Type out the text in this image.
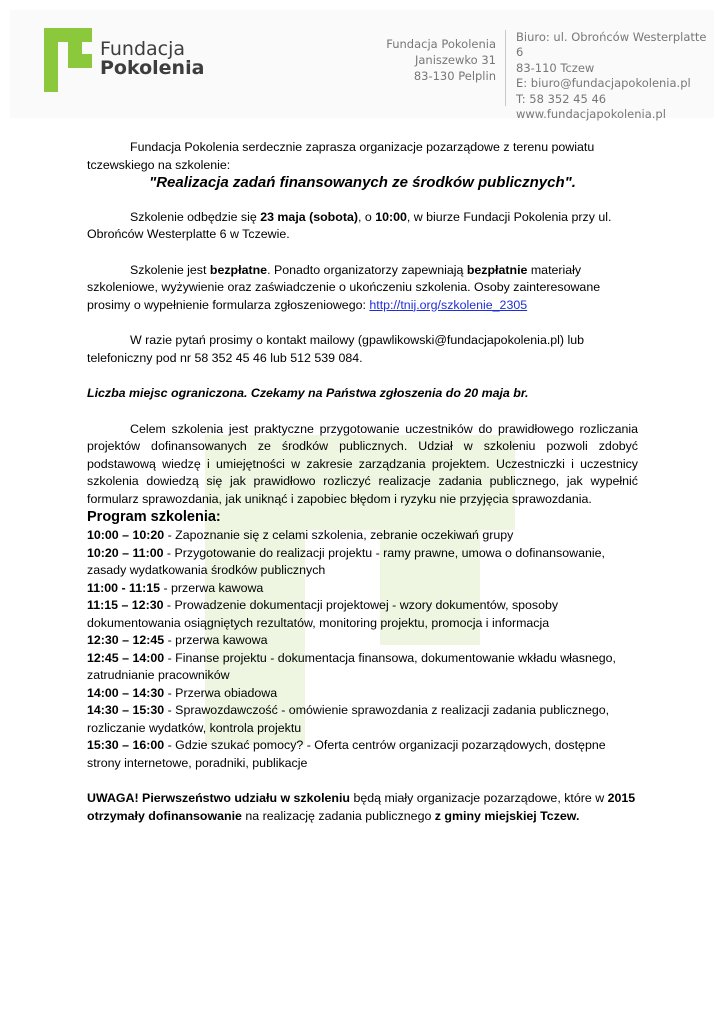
Fundacja
Pokolenia
Fundacja Pokolenia
Janiszewko 31
83-130 Pelplin
Biuro: ul. Obrońców Westerplatte 6
83-110 Tczew
E: biuro@fundacjapokolenia.pl
T: 58 352 45 46
www.fundacjapokolenia.pl

Fundacja Pokolenia serdecznie zaprasza organizacje pozarządowe z terenu powiatu tczewskiego na szkolenie:

"Realizacja zadań finansowanych ze środków publicznych".

Szkolenie odbędzie się 23 maja (sobota), o 10:00, w biurze Fundacji Pokolenia przy ul. Obrońców Westerplatte 6 w Tczewie.

Szkolenie jest bezpłatne. Ponadto organizatorzy zapewniają bezpłatnie materiały szkoleniowe, wyżywienie oraz zaświadczenie o ukończeniu szkolenia. Osoby zainteresowane prosimy o wypełnienie formularza zgłoszeniowego: http://tnij.org/szkolenie_2305

W razie pytań prosimy o kontakt mailowy (gpawlikowski@fundacjapokolenia.pl) lub telefoniczny pod nr 58 352 45 46 lub 512 539 084.

Liczba miejsc ograniczona. Czekamy na Państwa zgłoszenia do 20 maja br.

Celem szkolenia jest praktyczne przygotowanie uczestników do prawidłowego rozliczania projektów dofinansowanych ze środków publicznych. Udział w szkoleniu pozwoli zdobyć podstawową wiedzę i umiejętności w zakresie zarządzania projektem. Uczestniczki i uczestnicy szkolenia dowiedzą się jak prawidłowo rozliczyć realizacje zadania publicznego, jak wypełnić formularz sprawozdania, jak uniknąć i zapobiec błędom i ryzyku nie przyjęcia sprawozdania.

Program szkolenia:

10:00 – 10:20 - Zapoznanie się z celami szkolenia, zebranie oczekiwań grupy

10:20 – 11:00 - Przygotowanie do realizacji projektu - ramy prawne, umowa o dofinansowanie, zasady wydatkowania środków publicznych

11:00 - 11:15 - przerwa kawowa

11:15 – 12:30 - Prowadzenie dokumentacji projektowej - wzory dokumentów, sposoby dokumentowania osiągniętych rezultatów, monitoring projektu, promocja i informacja

12:30 – 12:45 - przerwa kawowa

12:45 – 14:00 - Finanse projektu - dokumentacja finansowa, dokumentowanie wkładu własnego, zatrudnianie pracowników

14:00 – 14:30 - Przerwa obiadowa

14:30 – 15:30 - Sprawozdawczość - omówienie sprawozdania z realizacji zadania publicznego, rozliczanie wydatków, kontrola projektu

15:30 – 16:00 - Gdzie szukać pomocy? - Oferta centrów organizacji pozarządowych, dostępne strony internetowe, poradniki, publikacje

UWAGA! Pierwszeństwo udziału w szkoleniu będą miały organizacje pozarządowe, które w 2015 otrzymały dofinansowanie na realizację zadania publicznego z gminy miejskiej Tczew.
